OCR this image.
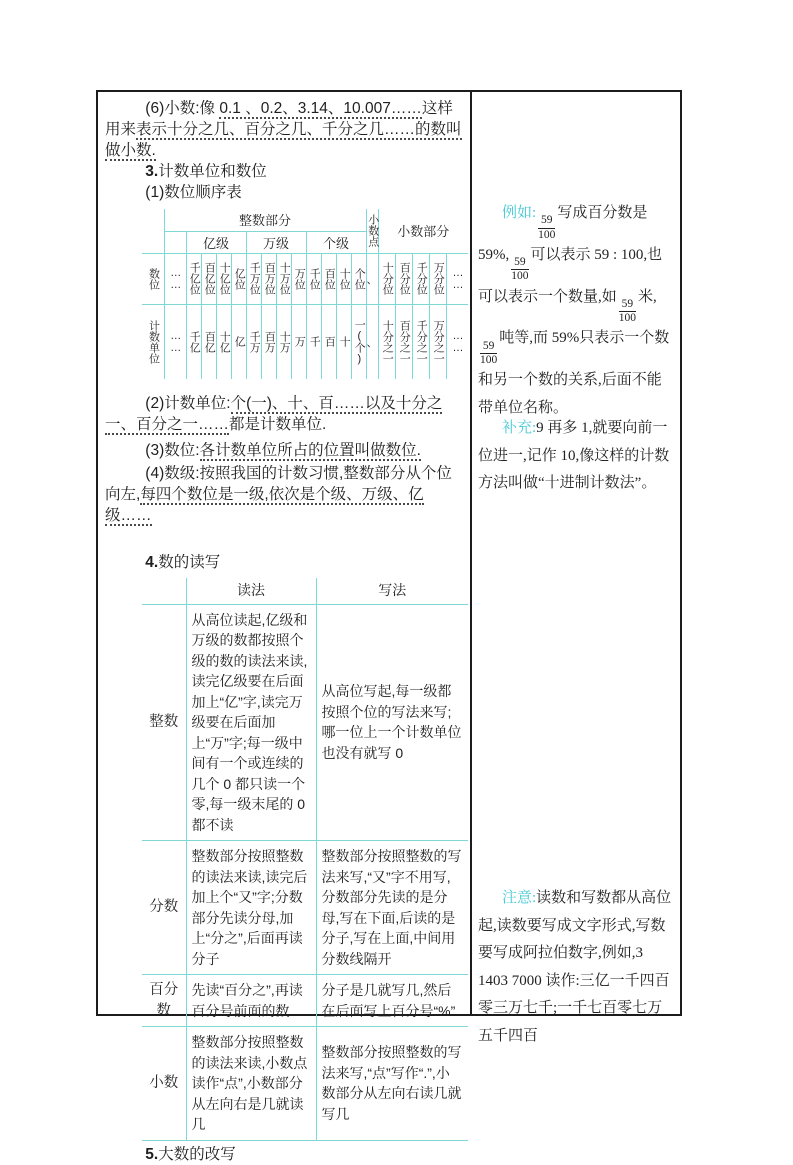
(6)小数:像 0.1 、0.2、3.14、10.007……这样用来表示十分之几、百分之几、千分之几……的数叫做小数.

3.计数单位和数位

(1)数位顺序表

	整数部分													小数点	小数部分				
		亿级				万级				个级									
数位	……	千亿位	百亿位	十亿位	亿位	千万位	百万位	十万位	万位	千位	百位	十位	个位	、	十分位	百分位	千分位	万分位	……
计数单位	……	千亿	百亿	十亿	亿	千万	百万	十万	万	千	百	十	一(个)	、	十分之一	百分之一	千分之一	万分之一	……

(2)计数单位:个(一)、十、百……以及十分之一、百分之一……都是计数单位.

(3)数位:各计数单位所占的位置叫做数位.

(4)数级:按照我国的计数习惯,整数部分从个位向左,每四个数位是一级,依次是个级、万级、亿级……

4.数的读写

	读法	写法
整数	从高位读起,亿级和万级的数都按照个级的数的读法来读,读完亿级要在后面加上“亿”字,读完万级要在后面加上“万”字;每一级中间有一个或连续的几个 0 都只读一个零,每一级末尾的 0 都不读	从高位写起,每一级都按照个位的写法来写;哪一位上一个计数单位也没有就写 0
分数	整数部分按照整数的读法来读,读完后加上个“又”字;分数部分先读分母,加上“分之”,后面再读分子	整数部分按照整数的写法来写,“又”字不用写,分数部分先读的是分母,写在下面,后读的是分子,写在上面,中间用分数线隔开
百分数	先读“百分之”,再读百分号前面的数	分子是几就写几,然后在后面写上百分号“%”
小数	整数部分按照整数的读法来读,小数点读作“点”,小数部分从左向右是几就读几	整数部分按照整数的写法来写,“点”写作“.”,小数部分从左向右读几就写几

5.大数的改写

例如:
$\frac{59}{100}$
写成百分数是 59%,
$\frac{59}{100}$
可以表示 59 : 100,也可以表示一个数量,如
$\frac{59}{100}$
米,
$\frac{59}{100}$
吨等,而 59%只表示一个数和另一个数的关系,后面不能带单位名称。
补充:9 再多 1,就要向前一位进一,记作 10,像这样的计数方法叫做“十进制计数法”。
注意:读数和写数都从高位起,读数要写成文字形式,写数要写成阿拉伯数字,例如,3 1403 7000 读作:三亿一千四百零三万七千;一千七百零七万五千四百
